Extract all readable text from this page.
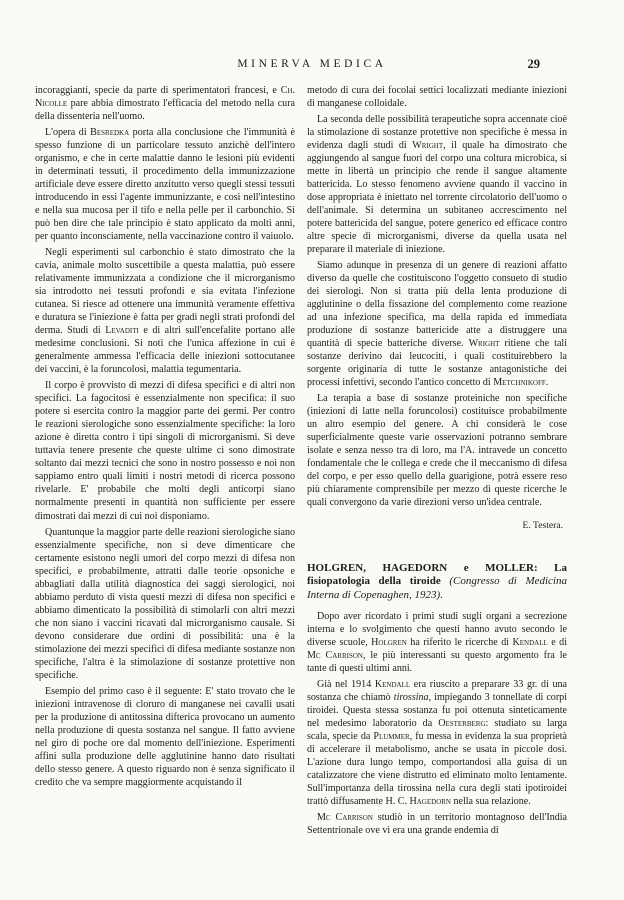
MINERVA MEDICA	29

incoraggianti, specie da parte di sperimentatori francesi, e Ch. Nicolle pare abbia dimostrato l'efficacia del metodo nella cura della dissenteria nell'uomo.

L'opera di Besredka porta alla conclusione che l'immunità è spesso funzione di un particolare tessuto anzichè dell'intero organismo, e che in certe malattie danno le lesioni più evidenti in determinati tessuti, il procedimento della immunizzazione artificiale deve essere diretto anzitutto verso quegli stessi tessuti introducendo in essi l'agente immunizzante, e così nell'intestino e nella sua mucosa per il tifo e nella pelle per il carbonchio. Si può ben dire che tale principio è stato applicato da molti anni, per quanto inconsciamente, nella vaccinazione contro il vaiuolo.

Negli esperimenti sul carbonchio è stato dimostrato che la cavia, animale molto suscettibile a questa malattia, può essere relativamente immunizzata a condizione che il microrganismo sia introdotto nei tessuti profondi e sia evitata l'infezione cutanea. Si riesce ad ottenere una immunità veramente effettiva e duratura se l'iniezione è fatta per gradi negli strati profondi del derma. Studi di Levaditi e di altri sull'encefalite portano alle medesime conclusioni. Si noti che l'unica affezione in cui è generalmente ammessa l'efficacia delle iniezioni sottocutanee dei vaccini, è la foruncolosi, malattia tegumentaria.

Il corpo è provvisto di mezzi di difesa specifici e di altri non specifici. La fagocitosi è essenzialmente non specifica: il suo potere si esercita contro la maggior parte dei germi. Per contro le reazioni sierologiche sono essenzialmente specifiche: la loro azione è diretta contro i tipi singoli di microrganismi. Si deve tuttavia tenere presente che queste ultime ci sono dimostrate soltanto dai mezzi tecnici che sono in nostro possesso e noi non sappiamo entro quali limiti i nostri metodi di ricerca possono rivelarle. E' probabile che molti degli anticorpi siano normalmente presenti in quantità non sufficiente per essere dimostrati dai mezzi di cui noi disponiamo.

Quantunque la maggior parte delle reazioni sierologiche siano essenzialmente specifiche, non si deve dimenticare che certamente esistono negli umori del corpo mezzi di difesa non specifici, e probabilmente, attratti dalle teorie opsoniche e abbagliati dalla utilità diagnostica dei saggi sierologici, noi abbiamo perduto di vista questi mezzi di difesa non specifici e abbiamo dimenticato la possibilità di stimolarli con altri mezzi che non siano i vaccini ricavati dal microrganismo causale. Si devono considerare due ordini di possibilità: una è la stimolazione dei mezzi specifici di difesa mediante sostanze non specifiche, l'altra è la stimolazione di sostanze protettive non specifiche.

Esempio del primo caso è il seguente: E' stato trovato che le iniezioni intravenose di cloruro di manganese nei cavalli usati per la produzione di antitossina difterica provocano un aumento nella produzione di questa sostanza nel sangue. Il fatto avviene nel giro di poche ore dal momento dell'iniezione. Esperimenti affini sulla produzione delle agglutinine hanno dato risultati dello stesso genere. A questo riguardo non è senza significato il credito che va sempre maggiormente acquistando il

metodo di cura dei focolai settici localizzati mediante iniezioni di manganese colloidale.

La seconda delle possibilità terapeutiche sopra accennate cioè la stimolazione di sostanze protettive non specifiche è messa in evidenza dagli studi di Wright, il quale ha dimostrato che aggiungendo al sangue fuori del corpo una coltura microbica, si mette in libertà un principio che rende il sangue altamente battericida. Lo stesso fenomeno avviene quando il vaccino in dose appropriata è iniettato nel torrente circolatorio dell'uomo o dell'animale. Si determina un subitaneo accrescimento nel potere battericida del sangue, potere generico ed efficace contro altre specie di microrganismi, diverse da quella usata nel preparare il materiale di iniezione.

Siamo adunque in presenza di un genere di reazioni affatto diverso da quelle che costituiscono l'oggetto consueto di studio dei sierologi. Non si tratta più della lenta produzione di agglutinine o della fissazione del complemento come reazione ad una infezione specifica, ma della rapida ed immediata produzione di sostanze battericide atte a distruggere una quantità di specie batteriche diverse. Wright ritiene che tali sostanze derivino dai leucociti, i quali costituirebbero la sorgente originaria di tutte le sostanze antagonistiche dei processi infettivi, secondo l'antico concetto di Metchnikoff.

La terapia a base di sostanze proteiniche non specifiche (iniezioni di latte nella foruncolosi) costituisce probabilmente un altro esempio del genere. A chi considerà le cose superficialmente queste varie osservazioni potranno sembrare isolate e senza nesso tra di loro, ma l'A. intravede un concetto fondamentale che le collega e crede che il meccanismo di difesa del corpo, e per esso quello della guarigione, potrà essere reso più chiaramente comprensibile per mezzo di queste ricerche le quali convergono da varie direzioni verso un'idea centrale.

E. Testera.
HOLGREN, HAGEDORN e MOLLER: La fisiopatologia della tiroide (Congresso di Medicina Interna di Copenaghen, 1923).

Dopo aver ricordato i primi studi sugli organi a secrezione interna e lo svolgimento che questi hanno avuto secondo le diverse scuole, Holgren ha riferito le ricerche di Kendall e di Mc Carrison, le più interessanti su questo argomento fra le tante di questi ultimi anni.

Già nel 1914 Kendall era riuscito a preparare 33 gr. di una sostanza che chiamò tirossina, impiegando 3 tonnellate di corpi tiroidei. Questa stessa sostanza fu poi ottenuta sinteticamente nel medesimo laboratorio da Oesterberg: studiato su larga scala, specie da Plummer, fu messa in evidenza la sua proprietà di accelerare il metabolismo, anche se usata in piccole dosi. L'azione dura lungo tempo, comportandosi alla guisa di un catalizzatore che viene distrutto ed eliminato molto lentamente. Sull'importanza della tirossina nella cura degli stati ipotiroidei trattò diffusamente H. C. Hagedorn nella sua relazione.

Mc Carrison studiò in un territorio montagnoso dell'India Settentrionale ove vi era una grande endemia di
